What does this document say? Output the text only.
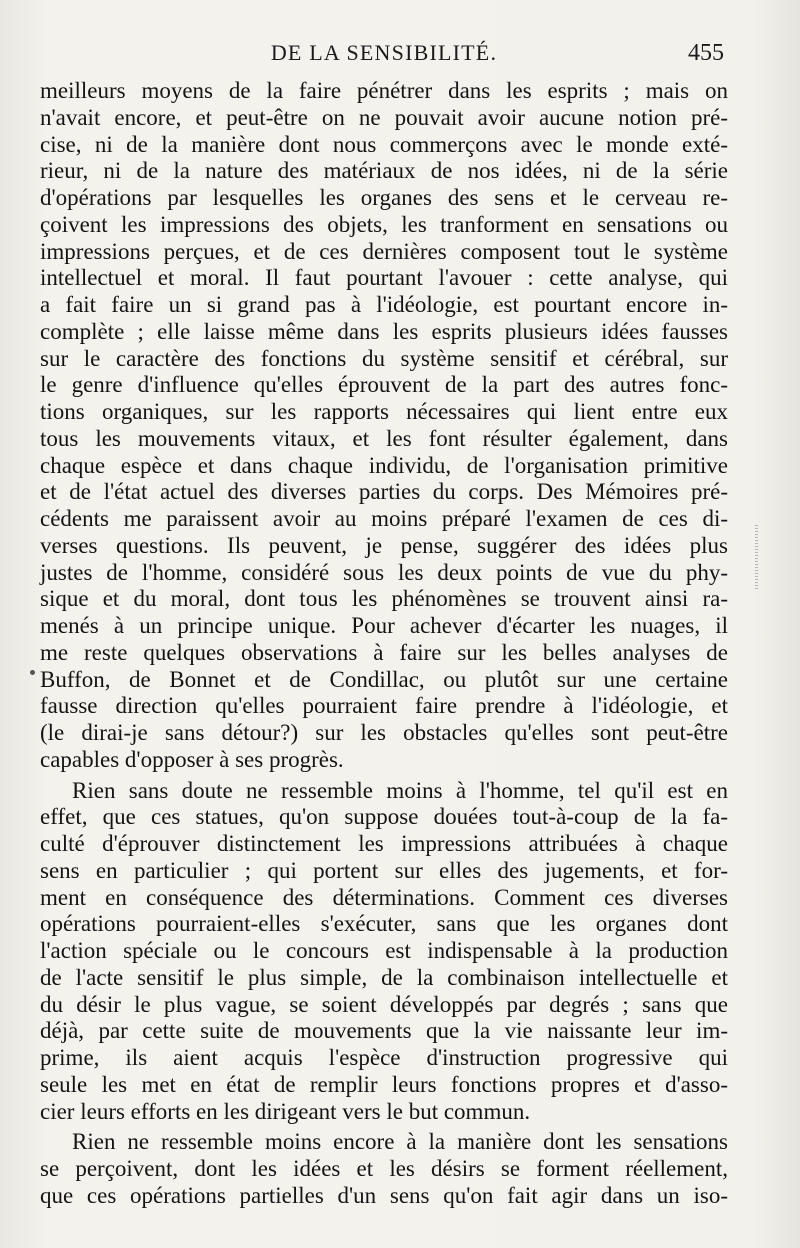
DE LA SENSIBILITÉ.	455
meilleurs moyens de la faire pénétrer dans les esprits ; mais on
n'avait encore, et peut-être on ne pouvait avoir aucune notion pré-
cise, ni de la manière dont nous commerçons avec le monde exté-
rieur, ni de la nature des matériaux de nos idées, ni de la série
d'opérations par lesquelles les organes des sens et le cerveau re-
çoivent les impressions des objets, les tranforment en sensations ou
impressions perçues, et de ces dernières composent tout le système
intellectuel et moral. Il faut pourtant l'avouer : cette analyse, qui
a fait faire un si grand pas à l'idéologie, est pourtant encore in-
complète ; elle laisse même dans les esprits plusieurs idées fausses
sur le caractère des fonctions du système sensitif et cérébral, sur
le genre d'influence qu'elles éprouvent de la part des autres fonc-
tions organiques, sur les rapports nécessaires qui lient entre eux
tous les mouvements vitaux, et les font résulter également, dans
chaque espèce et dans chaque individu, de l'organisation primitive
et de l'état actuel des diverses parties du corps. Des Mémoires pré-
cédents me paraissent avoir au moins préparé l'examen de ces di-
verses questions. Ils peuvent, je pense, suggérer des idées plus
justes de l'homme, considéré sous les deux points de vue du phy-
sique et du moral, dont tous les phénomènes se trouvent ainsi ra-
menés à un principe unique. Pour achever d'écarter les nuages, il
me reste quelques observations à faire sur les belles analyses de
Buffon, de Bonnet et de Condillac, ou plutôt sur une certaine
fausse direction qu'elles pourraient faire prendre à l'idéologie, et
(le dirai-je sans détour?) sur les obstacles qu'elles sont peut-être
capables d'opposer à ses progrès.
Rien sans doute ne ressemble moins à l'homme, tel qu'il est en
effet, que ces statues, qu'on suppose douées tout-à-coup de la fa-
culté d'éprouver distinctement les impressions attribuées à chaque
sens en particulier ; qui portent sur elles des jugements, et for-
ment en conséquence des déterminations. Comment ces diverses
opérations pourraient-elles s'exécuter, sans que les organes dont
l'action spéciale ou le concours est indispensable à la production
de l'acte sensitif le plus simple, de la combinaison intellectuelle et
du désir le plus vague, se soient développés par degrés ; sans que
déjà, par cette suite de mouvements que la vie naissante leur im-
prime, ils aient acquis l'espèce d'instruction progressive qui
seule les met en état de remplir leurs fonctions propres et d'asso-
cier leurs efforts en les dirigeant vers le but commun.
Rien ne ressemble moins encore à la manière dont les sensations
se perçoivent, dont les idées et les désirs se forment réellement,
que ces opérations partielles d'un sens qu'on fait agir dans un iso-
